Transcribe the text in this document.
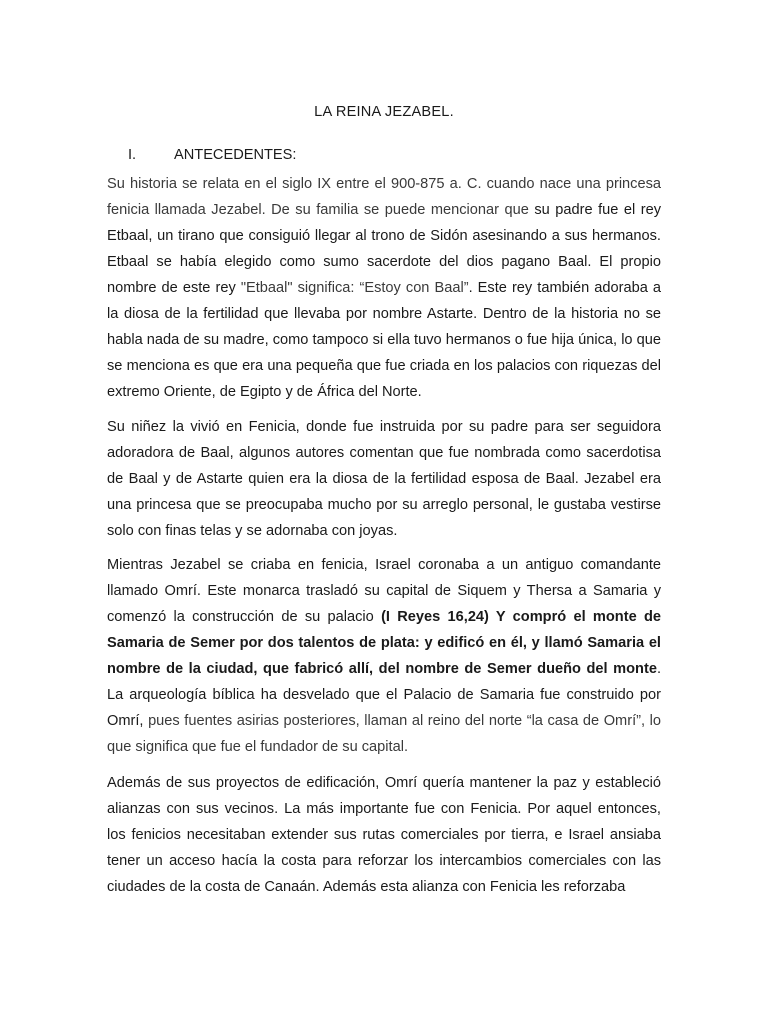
LA REINA JEZABEL.
I.	ANTECEDENTES:

Su historia se relata en el siglo IX entre el 900-875 a. C. cuando nace una princesa fenicia llamada Jezabel. De su familia se puede mencionar que su padre fue el rey Etbaal, un tirano que consiguió llegar al trono de Sidón asesinando a sus hermanos. Etbaal se había elegido como sumo sacerdote del dios pagano Baal. El propio nombre de este rey "Etbaal" significa: “Estoy con Baal”. Este rey también adoraba a la diosa de la fertilidad que llevaba por nombre Astarte. Dentro de la historia no se habla nada de su madre, como tampoco si ella tuvo hermanos o fue hija única, lo que se menciona es que era una pequeña que fue criada en los palacios con riquezas del extremo Oriente, de Egipto y de África del Norte.

Su niñez la vivió en Fenicia, donde fue instruida por su padre para ser seguidora adoradora de Baal, algunos autores comentan que fue nombrada como sacerdotisa de Baal y de Astarte quien era la diosa de la fertilidad esposa de Baal. Jezabel era una princesa que se preocupaba mucho por su arreglo personal, le gustaba vestirse solo con finas telas y se adornaba con joyas.

Mientras Jezabel se criaba en fenicia, Israel coronaba a un antiguo comandante llamado Omrí. Este monarca trasladó su capital de Siquem y Thersa a Samaria y comenzó la construcción de su palacio (I Reyes 16,24) Y compró el monte de Samaria de Semer por dos talentos de plata: y edificó en él, y llamó Samaria el nombre de la ciudad, que fabricó allí, del nombre de Semer dueño del monte. La arqueología bíblica ha desvelado que el Palacio de Samaria fue construido por Omrí, pues fuentes asirias posteriores, llaman al reino del norte “la casa de Omrí”, lo que significa que fue el fundador de su capital.

Además de sus proyectos de edificación, Omrí quería mantener la paz y estableció alianzas con sus vecinos. La más importante fue con Fenicia. Por aquel entonces, los fenicios necesitaban extender sus rutas comerciales por tierra, e Israel ansiaba tener un acceso hacía la costa para reforzar los intercambios comerciales con las ciudades de la costa de Canaán. Además esta alianza con Fenicia les reforzaba
